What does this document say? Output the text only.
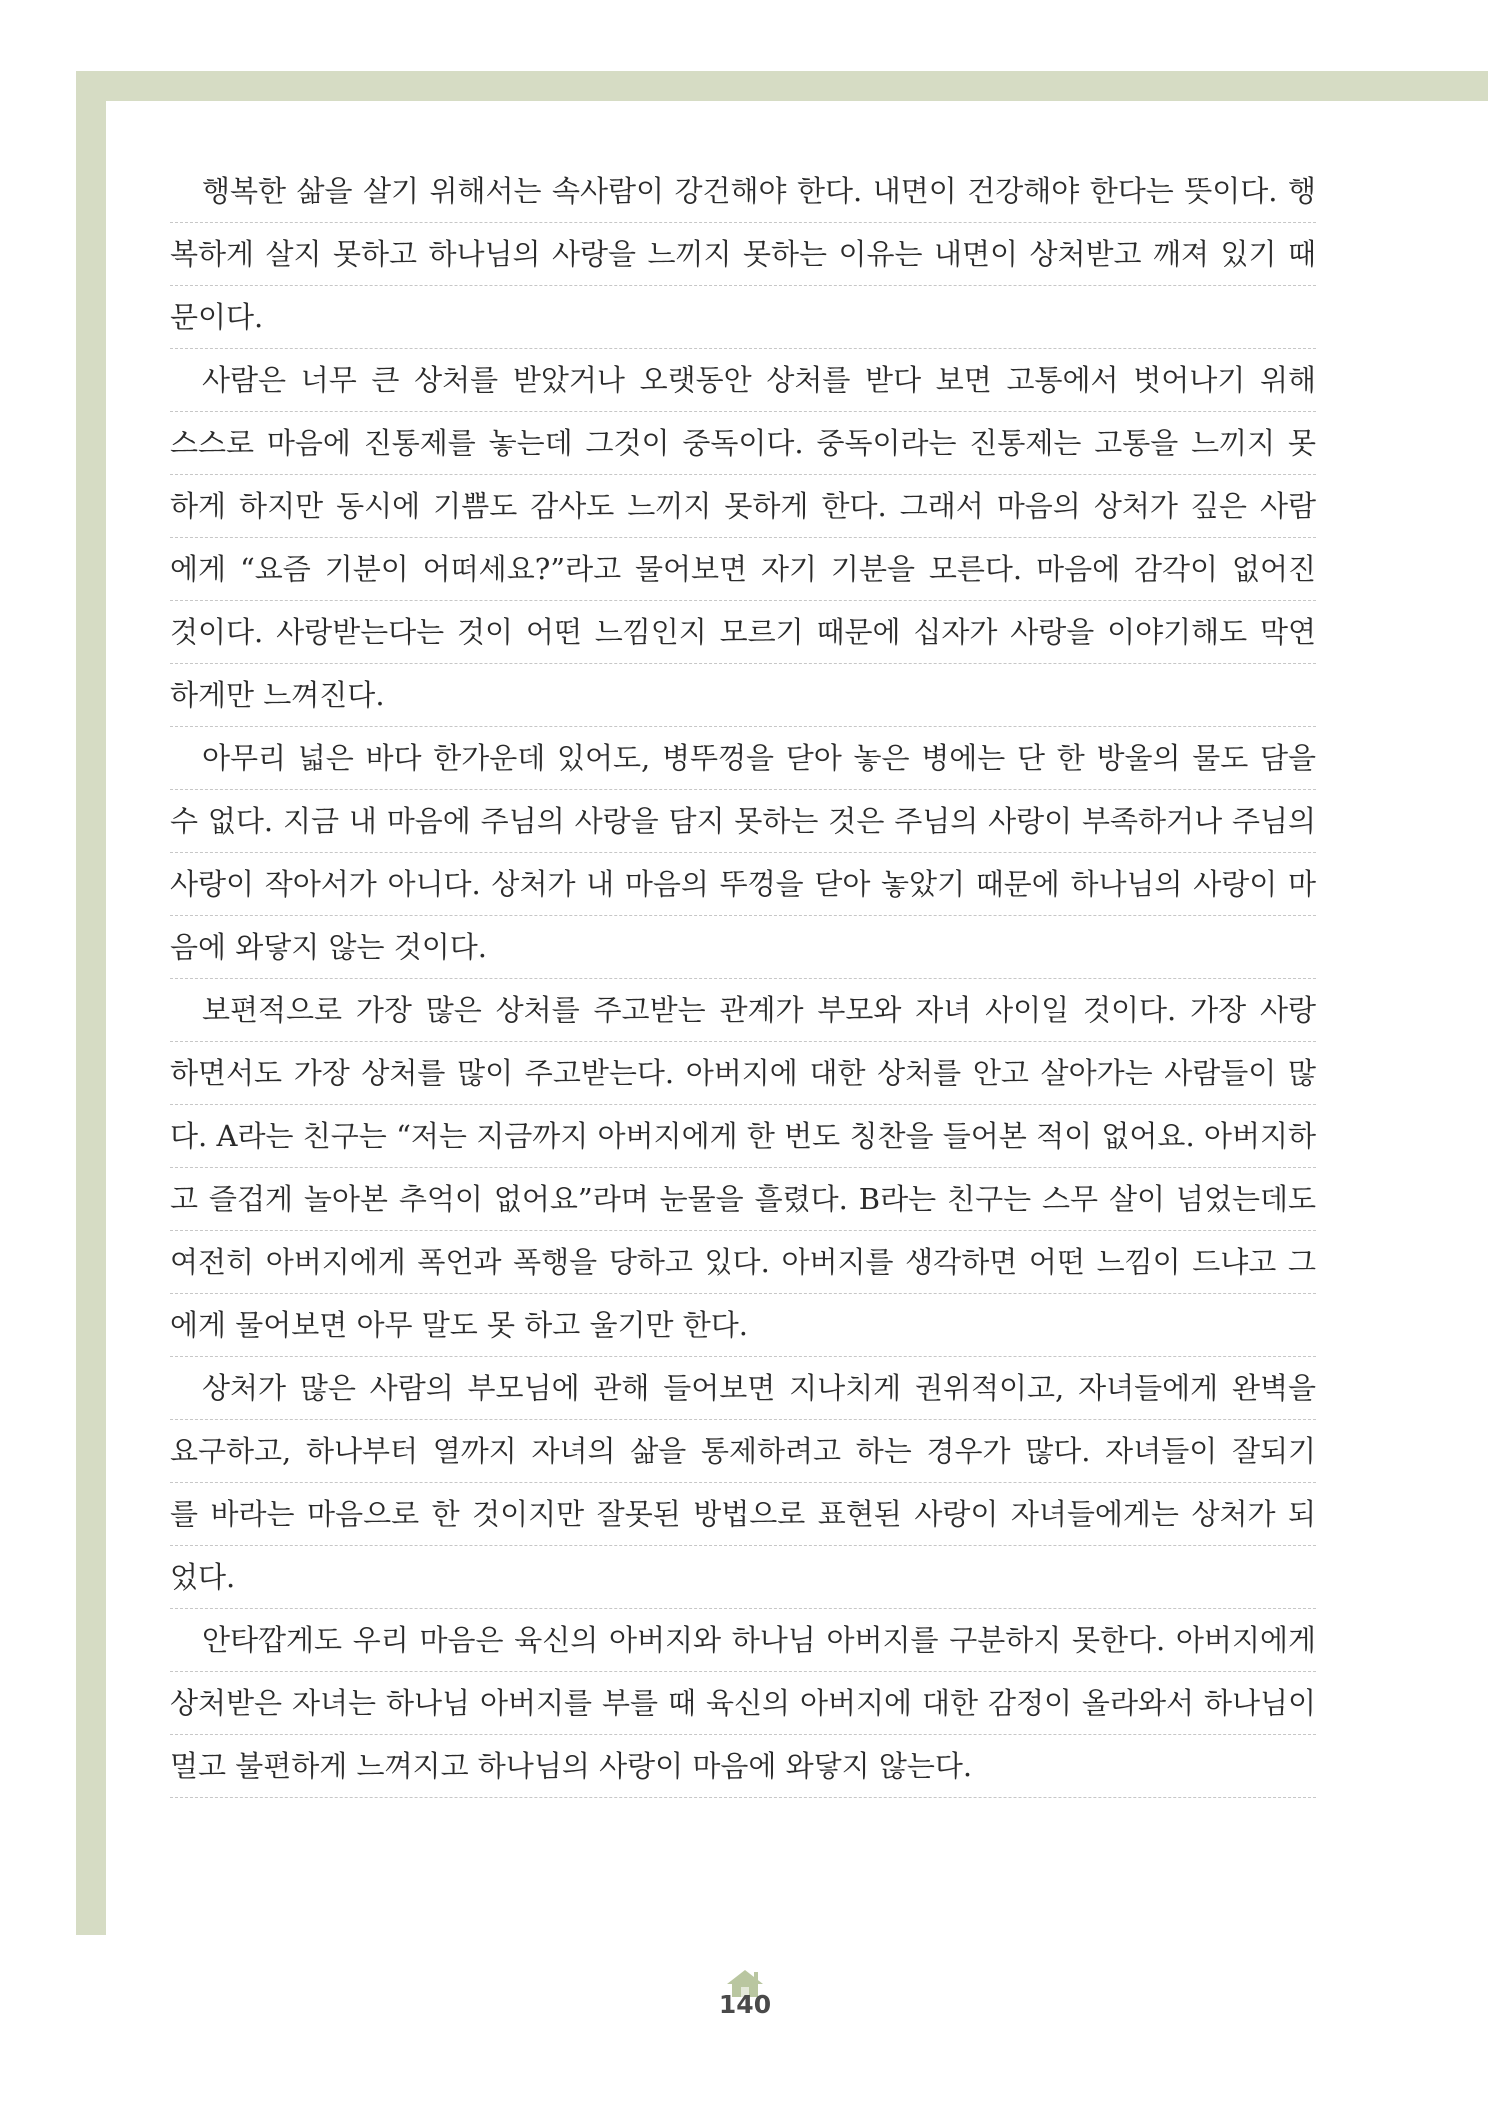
행복한 삶을 살기 위해서는 속사람이 강건해야 한다. 내면이 건강해야 한다는 뜻이다. 행
복하게 살지 못하고 하나님의 사랑을 느끼지 못하는 이유는 내면이 상처받고 깨져 있기 때
문이다.
사람은 너무 큰 상처를 받았거나 오랫동안 상처를 받다 보면 고통에서 벗어나기 위해
스스로 마음에 진통제를 놓는데 그것이 중독이다. 중독이라는 진통제는 고통을 느끼지 못
하게 하지만 동시에 기쁨도 감사도 느끼지 못하게 한다. 그래서 마음의 상처가 깊은 사람
에게 “요즘 기분이 어떠세요?”라고 물어보면 자기 기분을 모른다. 마음에 감각이 없어진
것이다. 사랑받는다는 것이 어떤 느낌인지 모르기 때문에 십자가 사랑을 이야기해도 막연
하게만 느껴진다.
아무리 넓은 바다 한가운데 있어도, 병뚜껑을 닫아 놓은 병에는 단 한 방울의 물도 담을
수 없다. 지금 내 마음에 주님의 사랑을 담지 못하는 것은 주님의 사랑이 부족하거나 주님의
사랑이 작아서가 아니다. 상처가 내 마음의 뚜껑을 닫아 놓았기 때문에 하나님의 사랑이 마
음에 와닿지 않는 것이다.
보편적으로 가장 많은 상처를 주고받는 관계가 부모와 자녀 사이일 것이다. 가장 사랑
하면서도 가장 상처를 많이 주고받는다. 아버지에 대한 상처를 안고 살아가는 사람들이 많
다. A라는 친구는 “저는 지금까지 아버지에게 한 번도 칭찬을 들어본 적이 없어요. 아버지하
고 즐겁게 놀아본 추억이 없어요”라며 눈물을 흘렸다. B라는 친구는 스무 살이 넘었는데도
여전히 아버지에게 폭언과 폭행을 당하고 있다. 아버지를 생각하면 어떤 느낌이 드냐고 그
에게 물어보면 아무 말도 못 하고 울기만 한다.
상처가 많은 사람의 부모님에 관해 들어보면 지나치게 권위적이고, 자녀들에게 완벽을
요구하고, 하나부터 열까지 자녀의 삶을 통제하려고 하는 경우가 많다. 자녀들이 잘되기
를 바라는 마음으로 한 것이지만 잘못된 방법으로 표현된 사랑이 자녀들에게는 상처가 되
었다.
안타깝게도 우리 마음은 육신의 아버지와 하나님 아버지를 구분하지 못한다. 아버지에게
상처받은 자녀는 하나님 아버지를 부를 때 육신의 아버지에 대한 감정이 올라와서 하나님이
멀고 불편하게 느껴지고 하나님의 사랑이 마음에 와닿지 않는다.
140
